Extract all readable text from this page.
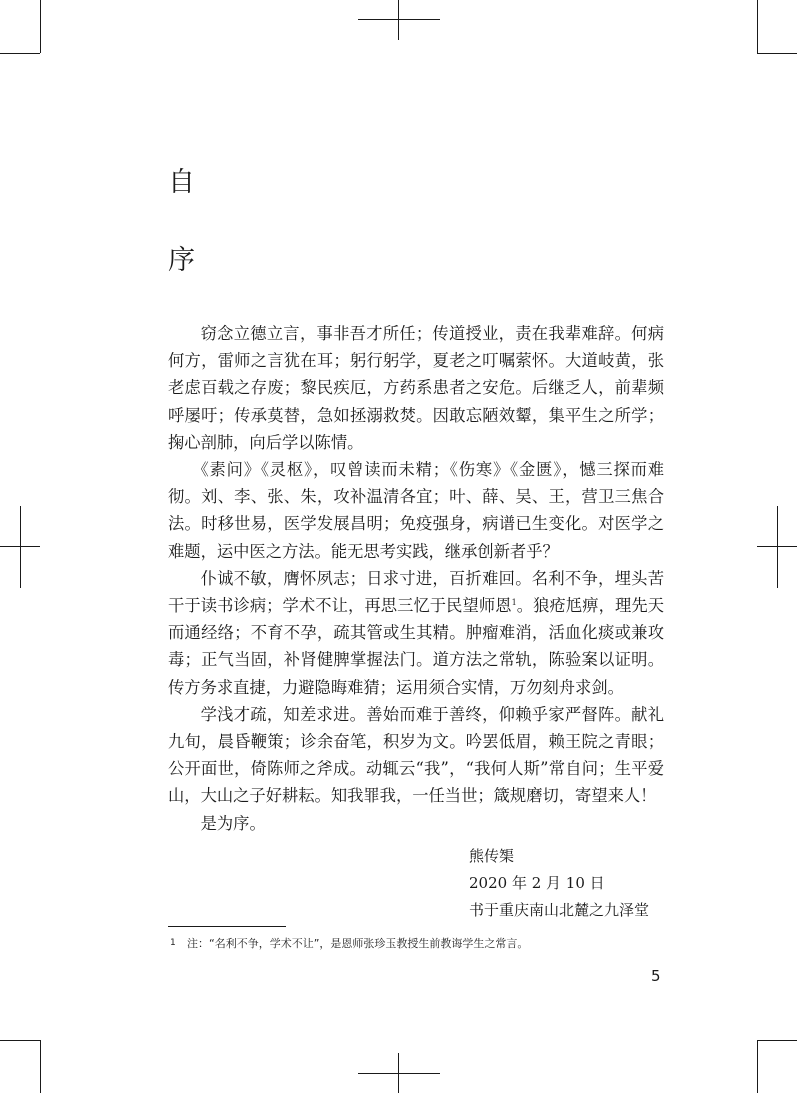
自
序

窃念立德立言，事非吾才所任；传道授业，责在我辈难辞。何病何方，雷师之言犹在耳；躬行躬学，夏老之叮嘱萦怀。大道岐黄，张老虑百载之存废；黎民疾厄，方药系患者之安危。后继乏人，前辈频呼屡吁；传承莫替，急如拯溺救焚。因敢忘陋效颦，集平生之所学；掬心剖肺，向后学以陈情。

《素问》《灵枢》，叹曾读而未精；《伤寒》《金匮》，憾三探而难彻。刘、李、张、朱，攻补温清各宜；叶、薛、吴、王，营卫三焦合法。时移世易，医学发展昌明；免疫强身，病谱已生变化。对医学之难题，运中医之方法。能无思考实践，继承创新者乎？

仆诚不敏，膺怀夙志；日求寸进，百折难回。名利不争，埋头苦干于读书诊病；学术不让，再思三忆于民望师恩$^1$。狼疮尪痹，理先天而通经络；不育不孕，疏其管或生其精。肿瘤难消，活血化痰或兼攻毒；正气当固，补肾健脾掌握法门。道方法之常轨，陈验案以证明。传方务求直捷，力避隐晦难猜；运用须合实情，万勿刻舟求剑。

学浅才疏，知差求进。善始而难于善终，仰赖乎家严督阵。献礼九旬，晨昏鞭策；诊余奋笔，积岁为文。吟罢低眉，赖王院之青眼；公开面世，倚陈师之斧成。动辄云“我”，“我何人斯”常自问；生平爱山，大山之子好耕耘。知我罪我，一任当世；箴规磨切，寄望来人！

是为序。

熊传榘
2020 年 2 月 10 日
书于重庆南山北麓之九泽堂
1 注：“名利不争，学术不让”，是恩师张珍玉教授生前教诲学生之常言。
5
